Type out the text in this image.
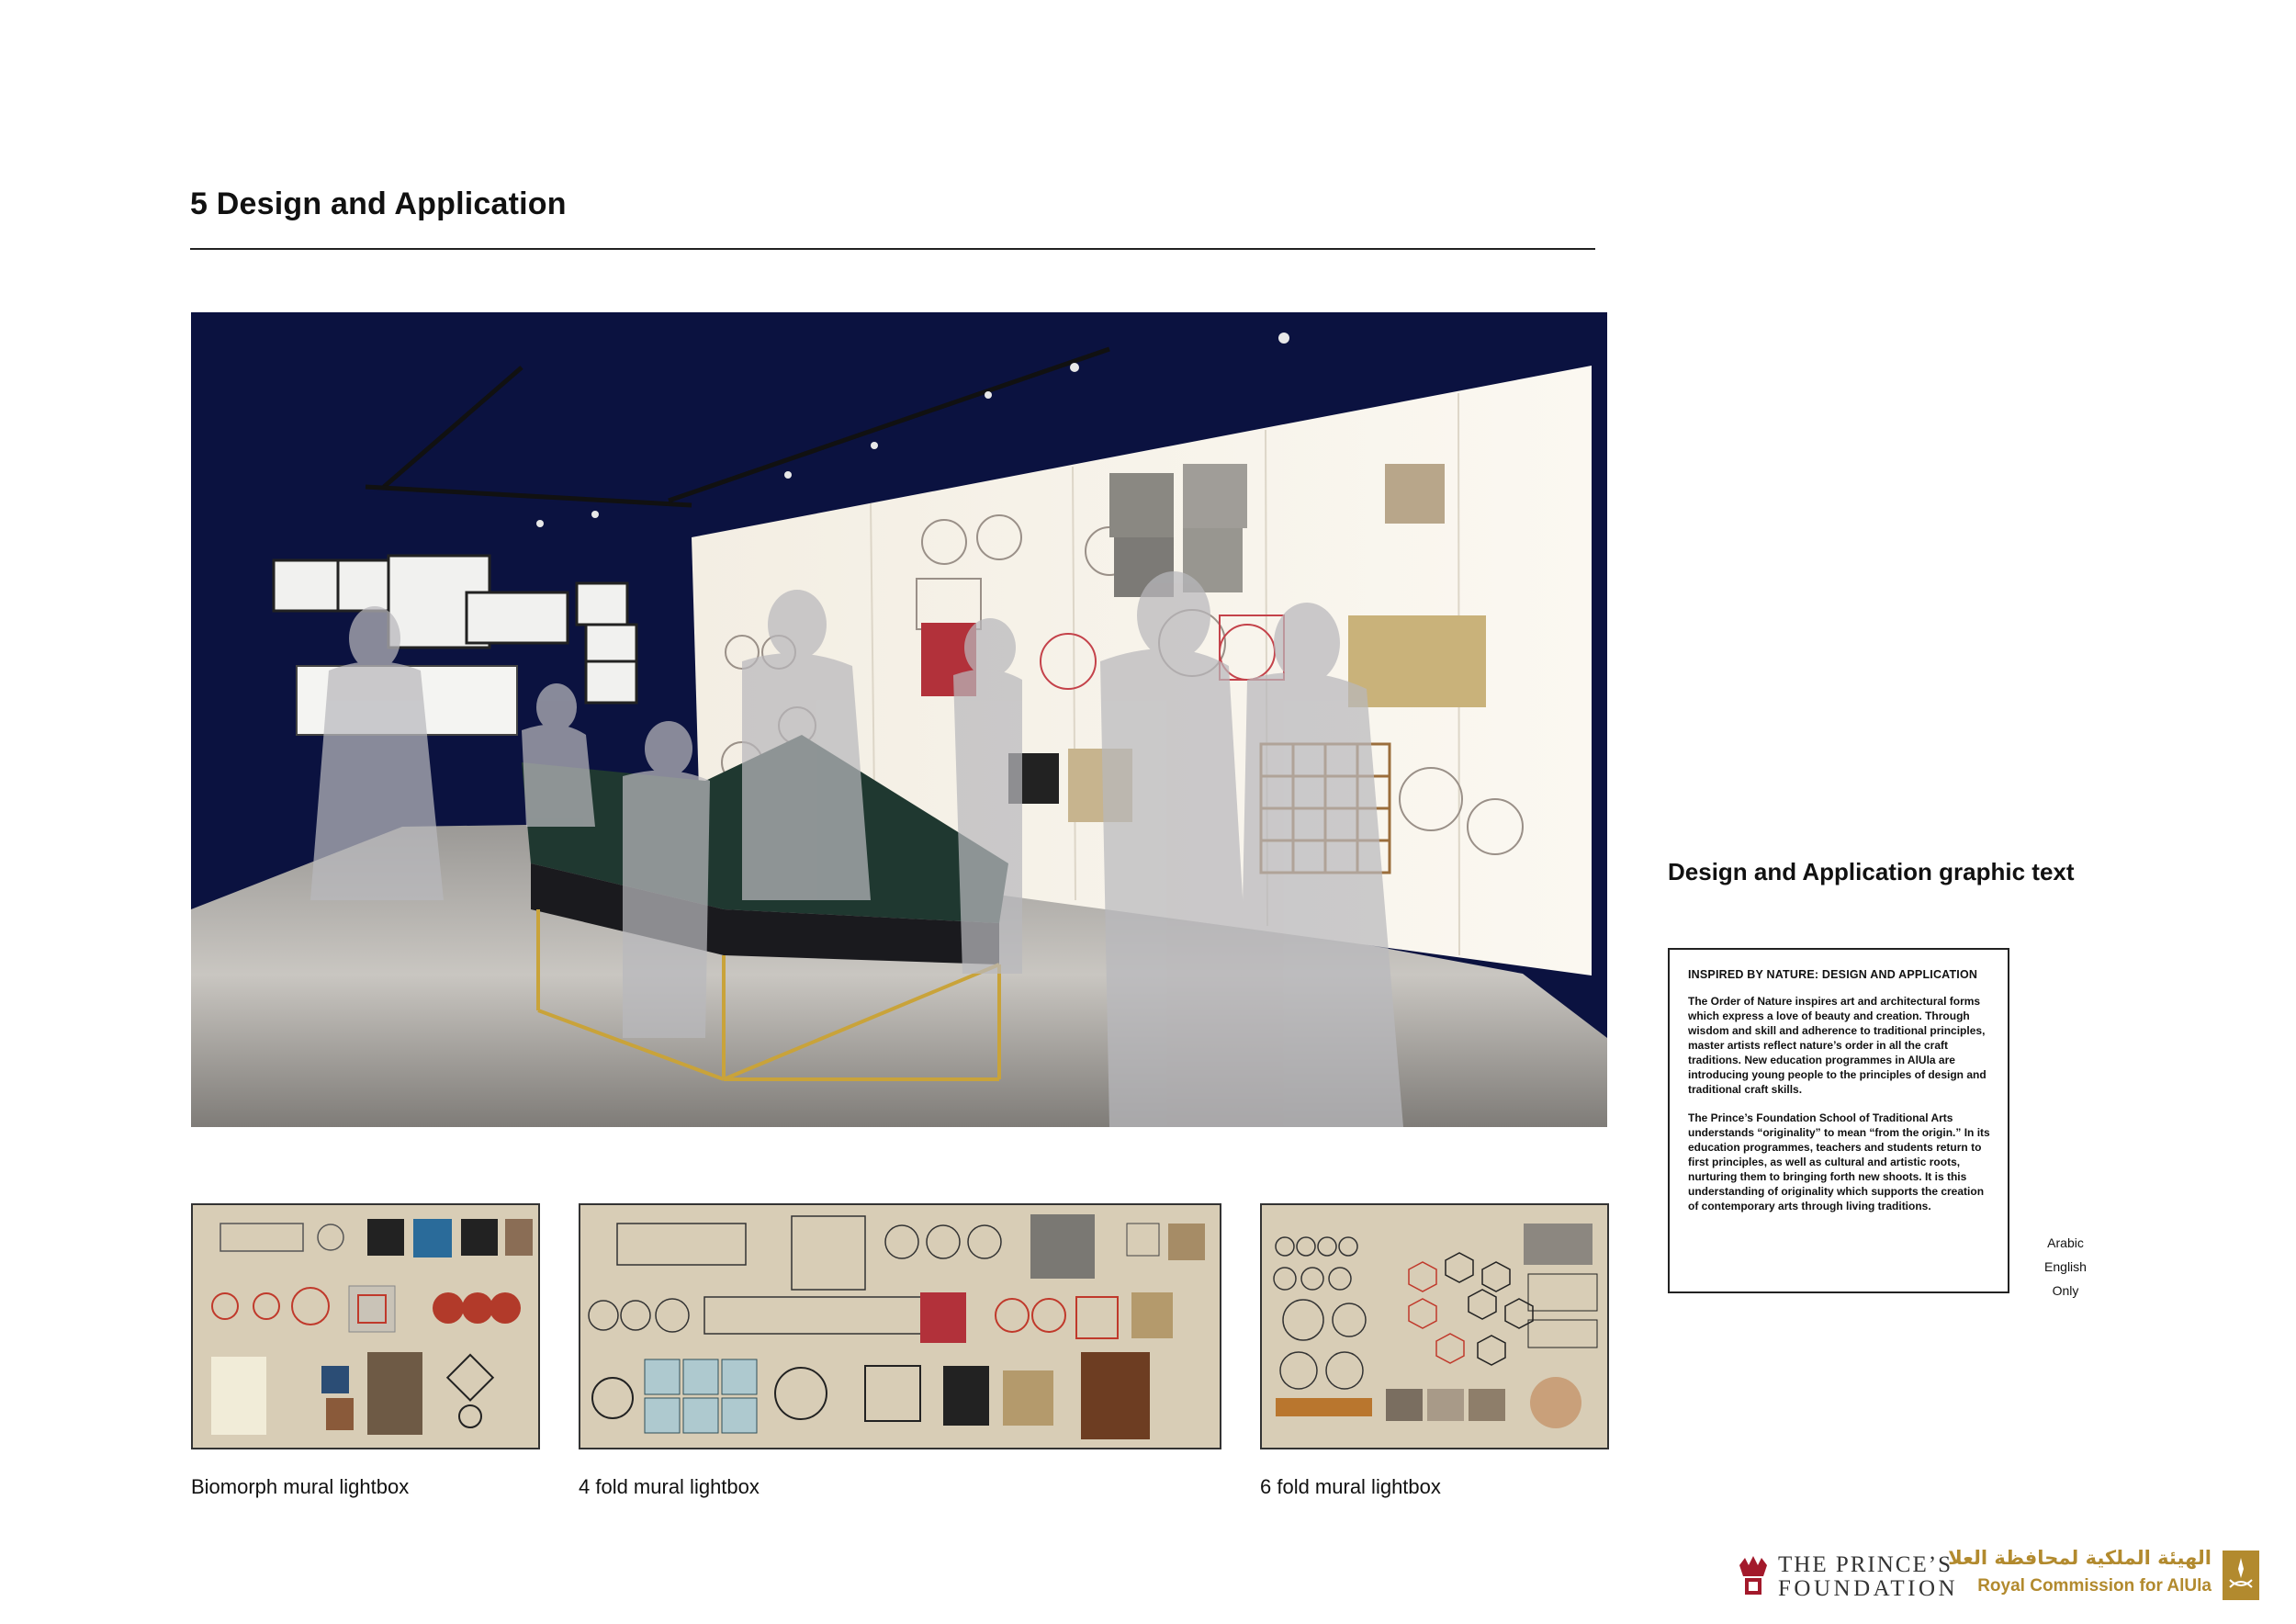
5 Design and Application
Biomorph mural lightbox	4 fold mural lightbox	6 fold mural lightbox
Design and Application graphic text
INSPIRED BY NATURE: DESIGN AND APPLICATION

The Order of Nature inspires art and architectural forms which express a love of beauty and creation. Through wisdom and skill and adherence to traditional principles, master artists reflect nature’s order in all the craft traditions. New education programmes in AlUla are introducing young people to the principles of design and traditional craft skills.

The Prince’s Foundation School of Traditional Arts understands “originality” to mean “from the origin.” In its education programmes, teachers and students return to first principles, as well as cultural and artistic roots, nurturing them to bringing forth new shoots. It is this understanding of originality which supports the creation of contemporary arts through living traditions.

Arabic
English
Only
THE PRINCE’S
FOUNDATION
الهيئة الملكية لمحافظة العلا
Royal Commission for AlUla
